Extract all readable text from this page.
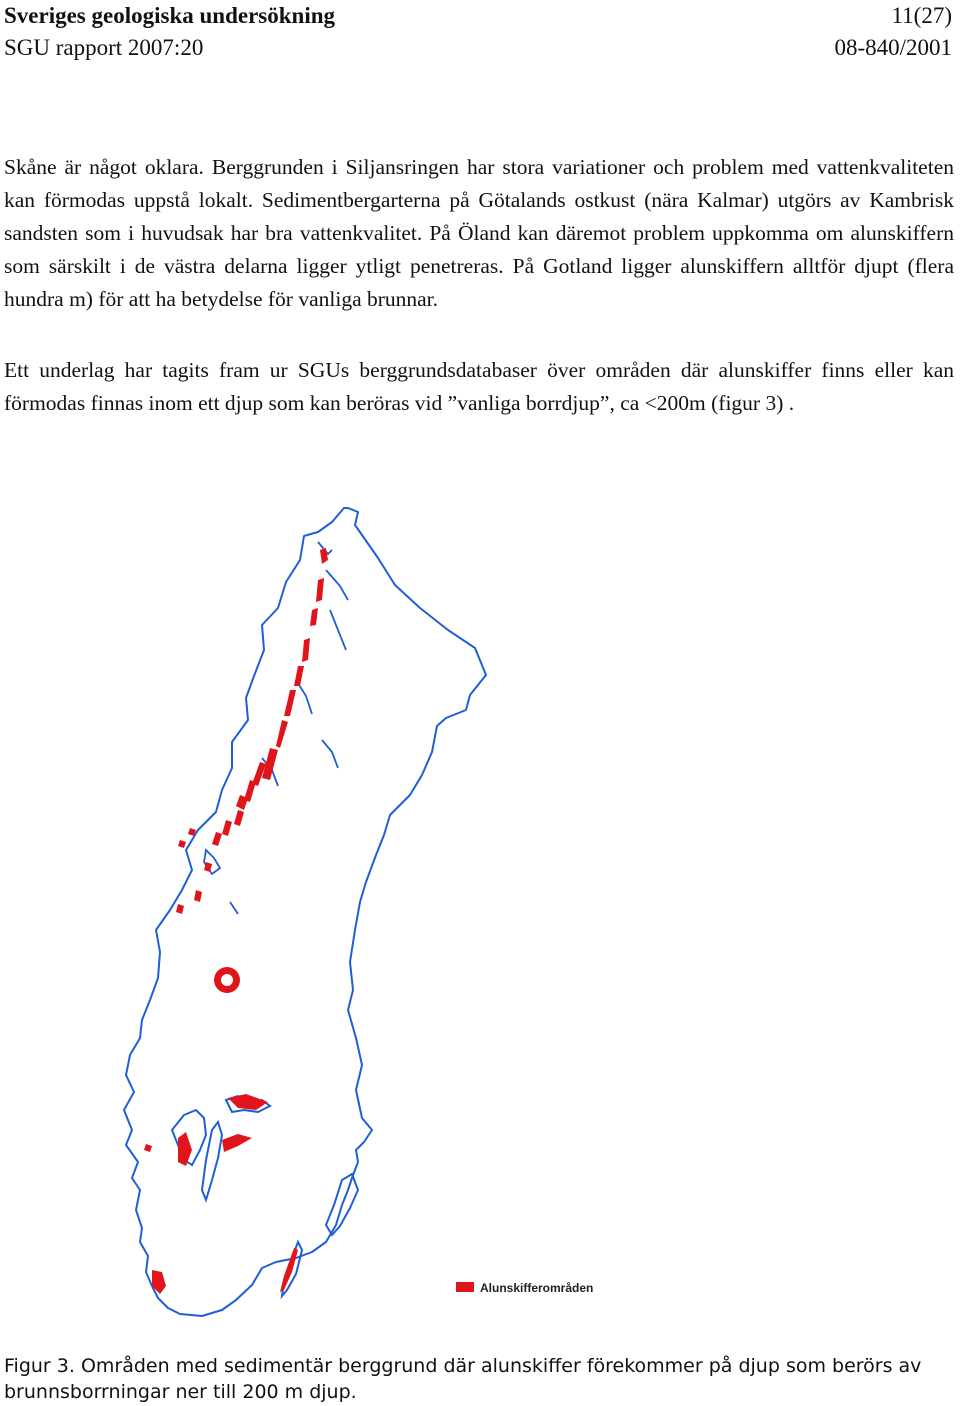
Sveriges geologiska undersökning	11(27)
SGU rapport 2007:20	08-840/2001

Skåne är något oklara. Berggrunden i Siljansringen har stora variationer och problem med vattenkvaliteten kan förmodas uppstå lokalt. Sedimentbergarterna på Götalands ostkust (nära Kalmar) utgörs av Kambrisk sandsten som i huvudsak har bra vattenkvalitet. På Öland kan däremot problem uppkomma om alunskiffern som särskilt i de västra delarna ligger ytligt penetreras. På Gotland ligger alunskiffern alltför djupt (flera hundra m) för att ha betydelse för vanliga brunnar.

Ett underlag har tagits fram ur SGUs berggrundsdatabaser över områden där alunskiffer finns eller kan förmodas finnas inom ett djup som kan beröras vid ”vanliga borrdjup”, ca <200m (figur 3) .

Alunskifferområden

Figur 3. Områden med sedimentär berggrund där alunskiffer förekommer på djup som berörs av brunnsborrningar ner till 200 m djup.
